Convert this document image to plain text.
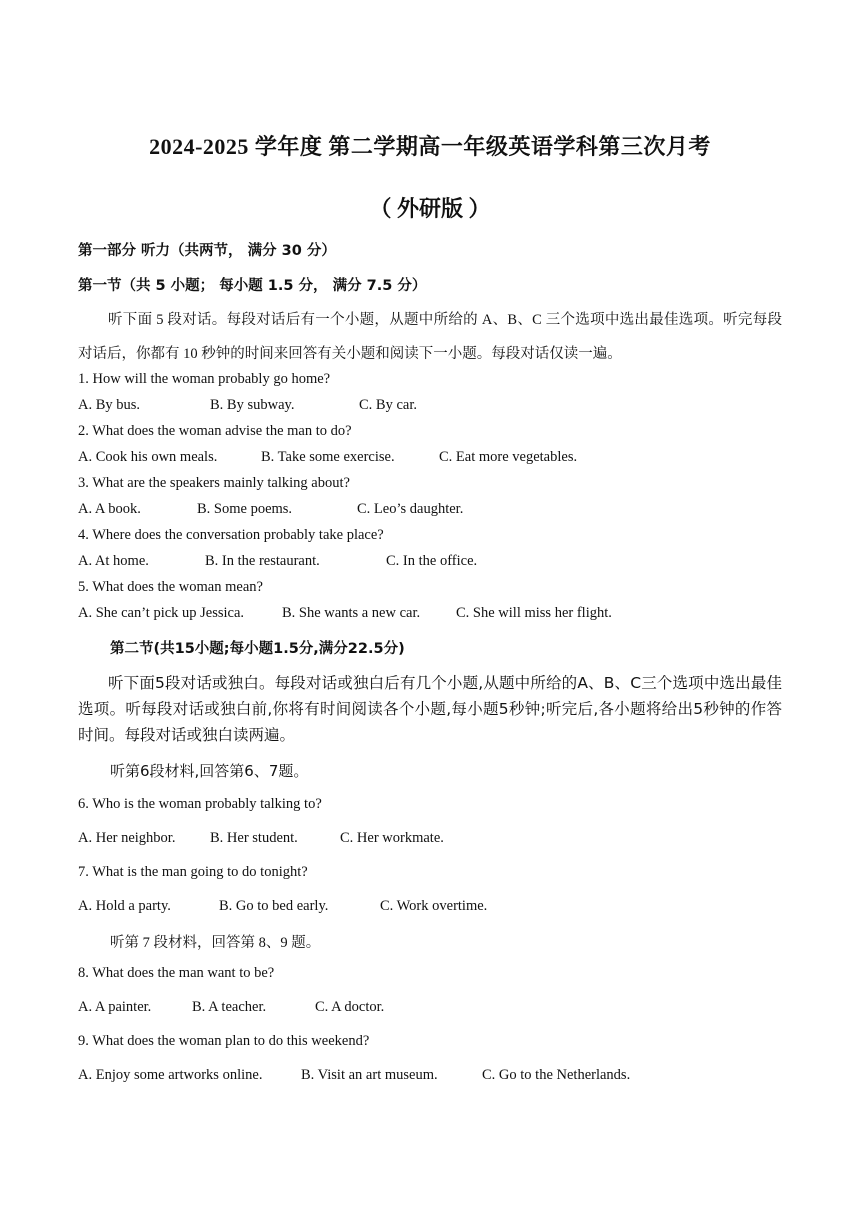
2024-2025 学年度 第二学期高一年级英语学科第三次月考
（ 外研版 ）
第一部分 听力（共两节， 满分 30 分）
第一节（共 5 小题； 每小题 1.5 分， 满分 7.5 分）
听下面 5 段对话。每段对话后有一个小题，从题中所给的 A、B、C 三个选项中选出最佳选项。听完每段对话后，你都有 10 秒钟的时间来回答有关小题和阅读下一小题。每段对话仅读一遍。
1. How will the woman probably go home?
A. By bus.	B. By subway.	C. By car.
2. What does the woman advise the man to do?
A. Cook his own meals.	B. Take some exercise.	C. Eat more vegetables.
3. What are the speakers mainly talking about?
A. A book.	B. Some poems.	C. Leo’s daughter.
4. Where does the conversation probably take place?
A. At home.	B. In the restaurant.	C. In the office.
5. What does the woman mean?
A. She can’t pick up Jessica.	B. She wants a new car. C. She will miss her flight.
第二节(共15小题;每小题1.5分,满分22.5分)
听下面5段对话或独白。每段对话或独白后有几个小题,从题中所给的A、B、C三个选项中选出最佳选项。听每段对话或独白前,你将有时间阅读各个小题,每小题5秒钟;听完后,各小题将给出5秒钟的作答时间。每段对话或独白读两遍。
听第6段材料,回答第6、7题。
6. Who is the woman probably talking to?
A. Her neighbor. B. Her student.	C. Her workmate.
7. What is the man going to do tonight?
A. Hold a party.	B. Go to bed early.	C. Work overtime.
听第 7 段材料，回答第 8、9 题。
8. What does the man want to be?
A. A painter.	B. A teacher.	C. A doctor.
9. What does the woman plan to do this weekend?
A. Enjoy some artworks online.	B. Visit an art museum.	C. Go to the Netherlands.
